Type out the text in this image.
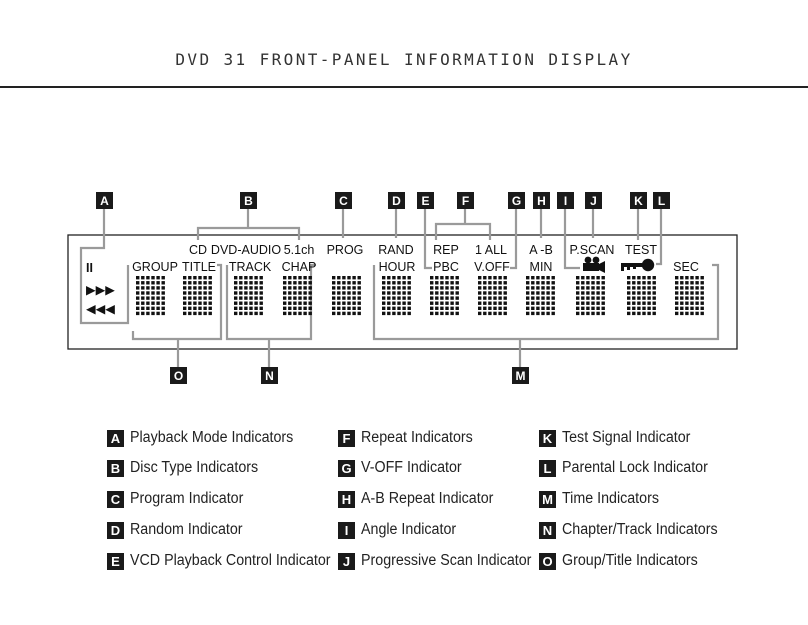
DVD 31 FRONT-PANEL INFORMATION DISPLAY
A	B	C	D E	F	G H I J	K L
O	N	M
II
▶▶▶
◀◀◀
CD DVD-AUDIO 5.1ch PROG RAND REP 1 ALL A -B P.SCAN TEST
GROUP TITLE TRACK CHAP	HOUR PBC V.OFF MIN	SEC
A Playback Mode Indicators
B Disc Type Indicators
C Program Indicator
D Random Indicator
E VCD Playback Control Indicator
F Repeat Indicators
G V-OFF Indicator
H A-B Repeat Indicator
I Angle Indicator
J Progressive Scan Indicator
K Test Signal Indicator
L Parental Lock Indicator
M Time Indicators
N Chapter/Track Indicators
O Group/Title Indicators
